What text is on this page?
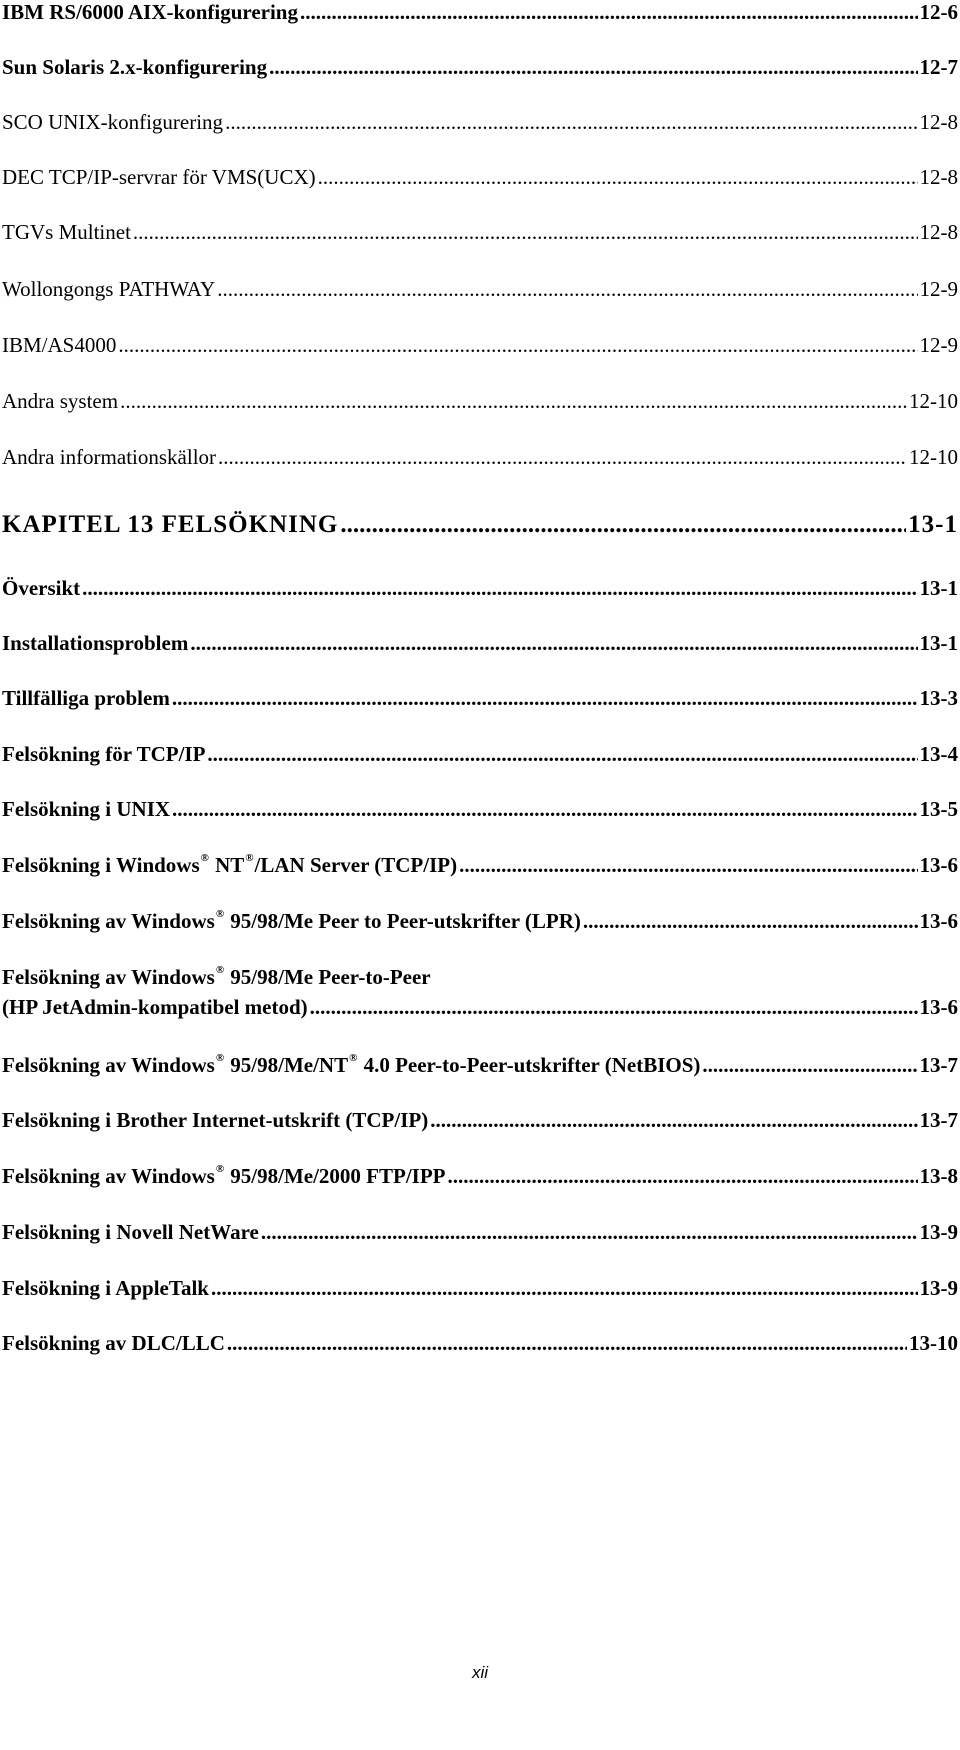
IBM RS/6000 AIX-konfigurering .....	12-6
Sun Solaris 2.x-konfigurering .....	12-7
SCO UNIX-konfigurering .....	12-8
DEC TCP/IP-servrar för VMS(UCX) .....	12-8
TGVs Multinet .....	12-8
Wollongongs PATHWAY .....	12-9
IBM/AS4000 .....	12-9
Andra system .....	12-10
Andra informationskällor .....	12-10
KAPITEL 13 FELSÖKNING .....	13-1
Översikt .....	13-1
Installationsproblem .....	13-1
Tillfälliga problem .....	13-3
Felsökning för TCP/IP .....	13-4
Felsökning i UNIX .....	13-5
Felsökning i Windows® NT®/LAN Server (TCP/IP) .....	13-6
Felsökning av Windows® 95/98/Me Peer to Peer-utskrifter (LPR) .....	13-6
Felsökning av Windows® 95/98/Me Peer-to-Peer
(HP JetAdmin-kompatibel metod) .....	13-6
Felsökning av Windows® 95/98/Me/NT® 4.0 Peer-to-Peer-utskrifter (NetBIOS) .....	13-7
Felsökning i Brother Internet-utskrift (TCP/IP) .....	13-7
Felsökning av Windows® 95/98/Me/2000 FTP/IPP .....	13-8
Felsökning i Novell NetWare .....	13-9
Felsökning i AppleTalk .....	13-9
Felsökning av DLC/LLC .....	13-10
xii
